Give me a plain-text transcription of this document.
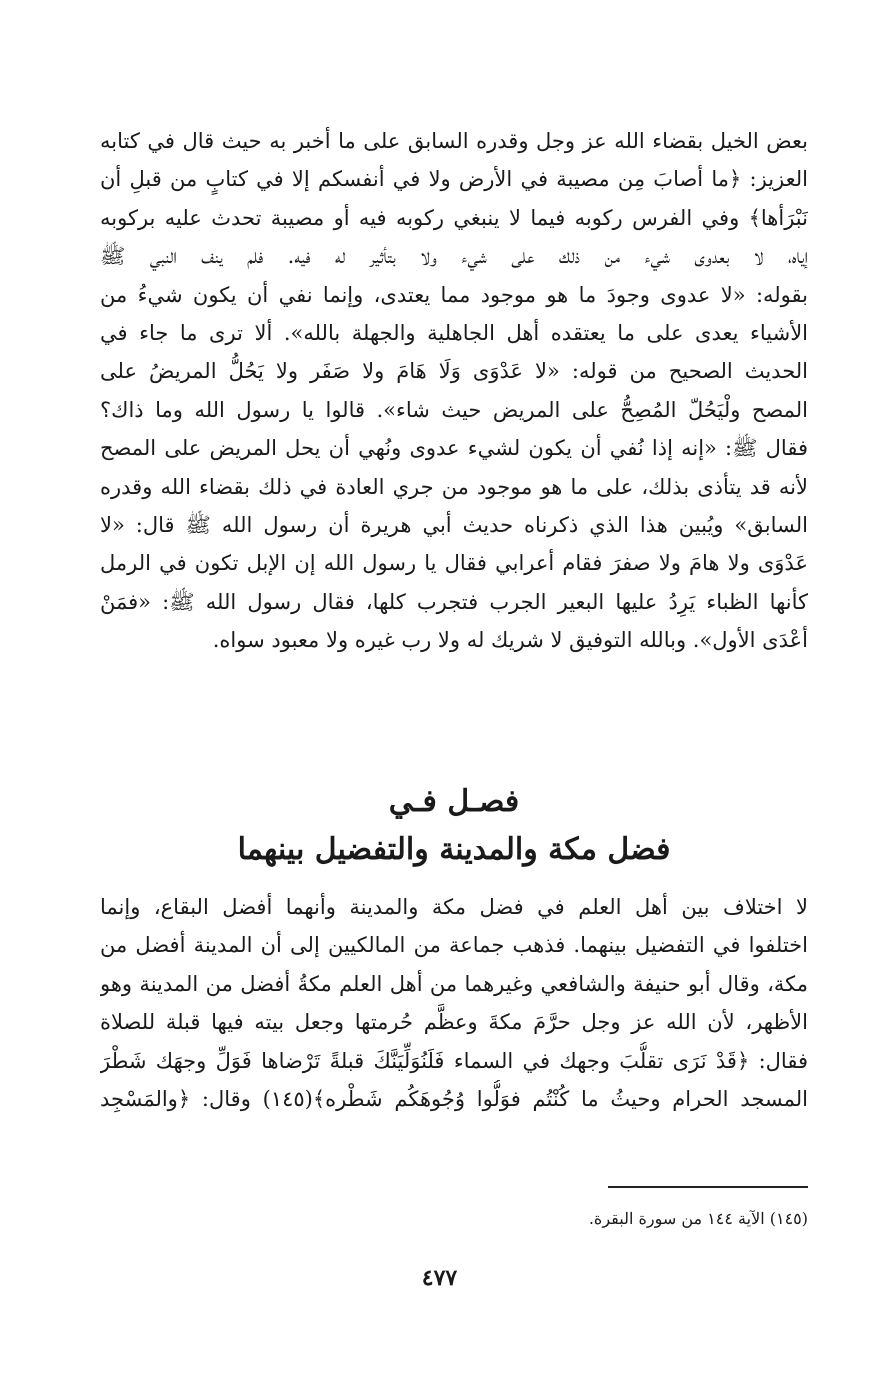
بعض الخيل بقضاء الله عز وجل وقدره السابق على ما أخبر به حيث قال في كتابه
العزيز: ﴿ما أصابَ مِن مصيبة في الأرض ولا في أنفسكم إلا في كتابٍ من قبلِ أن
نَبْرَأها﴾ وفي الفرس ركوبه فيما لا ينبغي ركوبه فيه أو مصيبة تحدث عليه بركوبه
إياه، لا بعدوى شيء من ذلك على شيء ولا بتأثير له فيه. فلم ينف النبي ﷺ
بقوله: «لا عدوى وجودَ ما هو موجود مما يعتدى، وإنما نفي أن يكون شيءُ من
الأشياء يعدى على ما يعتقده أهل الجاهلية والجهلة بالله». ألا ترى ما جاء في
الحديث الصحيح من قوله: «لا عَدْوَى وَلَا هَامَ ولا صَفَر ولا يَحُلُّ المريضُ على
المصح ولْيَحُلّ المُصِحُّ على المريض حيث شاء». قالوا يا رسول الله وما ذاك؟
فقال ﷺ: «إنه إذا نُفي أن يكون لشيء عدوى ونُهي أن يحل المريض على المصح
لأنه قد يتأذى بذلك، على ما هو موجود من جري العادة في ذلك بقضاء الله وقدره
السابق» ويُبين هذا الذي ذكرناه حديث أبي هريرة أن رسول الله ﷺ قال: «لا
عَدْوَى ولا هامَ ولا صفرَ فقام أعرابي فقال يا رسول الله إن الإبل تكون في الرمل
كأنها الظباء يَرِدُ عليها البعير الجرب فتجرب كلها، فقال رسول الله ﷺ: «فمَنْ
أعْدَى الأول». وبالله التوفيق لا شريك له ولا رب غيره ولا معبود سواه.
فصـل فـي
فضل مكة والمدينة والتفضيل بينهما
لا اختلاف بين أهل العلم في فضل مكة والمدينة وأنهما أفضل البقاع، وإنما
اختلفوا في التفضيل بينهما. فذهب جماعة من المالكيين إلى أن المدينة أفضل من
مكة، وقال أبو حنيفة والشافعي وغيرهما من أهل العلم مكةُ أفضل من المدينة وهو
الأظهر، لأن الله عز وجل حرَّمَ مكةَ وعظَّم حُرمتها وجعل بيته فيها قبلة للصلاة
فقال: ﴿قَدْ نَرَى تقلُّبَ وجهك في السماء فَلَنُوَلِّيَنَّكَ قبلةً تَرْضاها فَوَلِّ وجهَك شَطْرَ
المسجد الحرام وحيثُ ما كُنْتُم فوَلُّوا وُجُوهَكُم شَطْره﴾(١٤٥) وقال: ﴿والمَسْجِد
(١٤٥) الآية ١٤٤ من سورة البقرة.
٤٧٧
